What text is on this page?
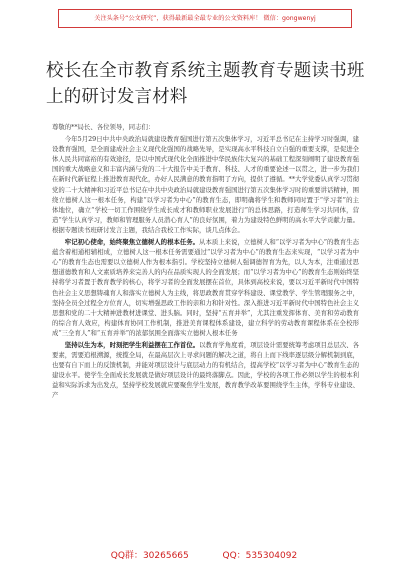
关注头条号“公文研究”，获得最新最全最专业的公文资料库！ 微信：gongwenyj
校长在全市教育系统主题教育专题读书班上的研讨发言材料

尊敬的**局长、各位领导，同志们：

今年5月29日中共中央政治局就建设教育强国进行第五次集体学习，习近平总书记在主持学习时强调，建设教育强国，是全面建成社会主义现代化强国的战略先导，是实现高水平科技自立自强的重要支撑，是促进全体人民共同富裕的有效途径，是以中国式现代化全面推进中华民族伟大复兴的基础工程深刻阐明了建设教育强国的重大战略意义和丰富内涵与党的二十大报告中关于教育、科技、人才的重要论述一以贯之，进一步为我们在新时代新征程上推进教育现代化，办好人民满意的教育指明了方向，提供了遵循。**大学党委认真学习贯彻党的二十大精神和习近平总书记在中共中央政治局就建设教育强国进行第五次集体学习时的重要讲话精神，围绕立德树人这一根本任务，构建“以学习者为中心”的教育生态，即明确将学生和教师同时置于“学习者”的主体地位，确立“学校一切工作围绕学生成长成才和教师职业发展进行”的总体思路，打造师生学习共同体，营造“学生认真学习，教师和管理服务人员潜心育人”的良好氛围，着力为建设特色鲜明的高水平大学贡献力量。根据专题读书班研讨发言主题，我结合我校工作实际，谈几点体会。

牢记初心使命，始终聚焦立德树人的根本任务。从本质上来说，立德树人和“以学习者为中心”的教育生态蕴含着相通相辅相成，立德树人这一根本任务需要通过“以学习者为中心”的教育生态来实现，“以学习者为中心”的教育生态也需要以立德树人作为根本指引。学校坚持立德树人强调德智育为先，以人为本，注重通过思想道德教育和人文素质培养来完善人的内在品质实现人的全面发展；而“以学习者为中心”的教育生态则始终坚持将学习者置于教育教学的核心，将学习者的全面发展摆在首位，具体到高校来说，要以习近平新时代中国特色社会主义思想铸魂育人和落实立德树人为主线，将思政教育贯穿学科建设、课堂教学、学生管理服务之中，坚持全员全过程全方位育人，切实增强思政工作的亲和力和针对性。深入推进习近平新时代中国特色社会主义思想和党的二十大精神进教材进课堂、进头脑。同时，坚持“五育并举”，尤其注重发挥体育、美育和劳动教育的综合育人效应，构建体育协同工作机制，推进美育课程体系建设，建立科学的劳动教育课程体系在全校形成“三全育人”和“五育并举”的浓郁氛围全面落实立德树人根本任务

坚持以生为本，时刻把学生利益摆在工作首位。以教育学角度看，项层设计需要统筹考虑项目总层次、各要素，需要追根溯源，统揽全局，在最高层次上寻求问题的解决之道，将自上而下线率逐层级分解机制到底，也要有自下而上的反馈机制，并能对项层设计与底层动力的有机结合，提高学校“以学习者为中心”教育生态的建设水平。使学生全面成长发展就是做好项层设计的最终落脚点。因此，学校的各项工作必须以学生的根本利益和实际诉求为出发点，坚持学校发展就应要聚焦学生发展，教育教学改革要围绕学生主体，学科专业建设、产

QQ群：30265665	QQ：535304092
